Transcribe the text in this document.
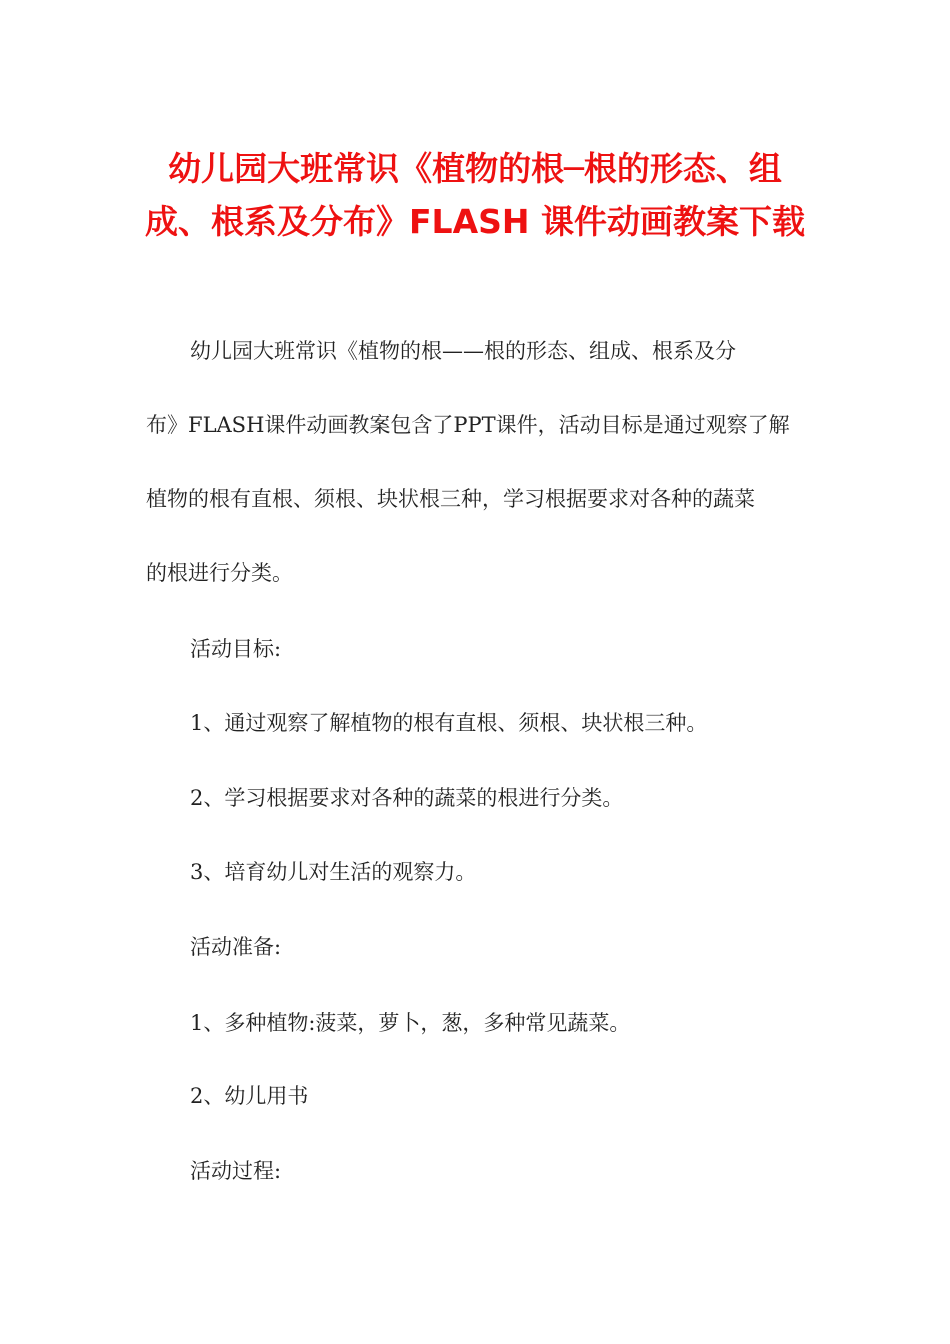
幼儿园大班常识《植物的根─根的形态、组
成、根系及分布》FLASH 课件动画教案下载

幼儿园大班常识《植物的根——根的形态、组成、根系及分

布》FLASH课件动画教案包含了PPT课件，活动目标是通过观察了解

植物的根有直根、须根、块状根三种，学习根据要求对各种的蔬菜

的根进行分类。

活动目标:

1、通过观察了解植物的根有直根、须根、块状根三种。

2、学习根据要求对各种的蔬菜的根进行分类。

3、培育幼儿对生活的观察力。

活动准备:

1、多种植物:菠菜，萝卜，葱，多种常见蔬菜。

2、幼儿用书

活动过程:
